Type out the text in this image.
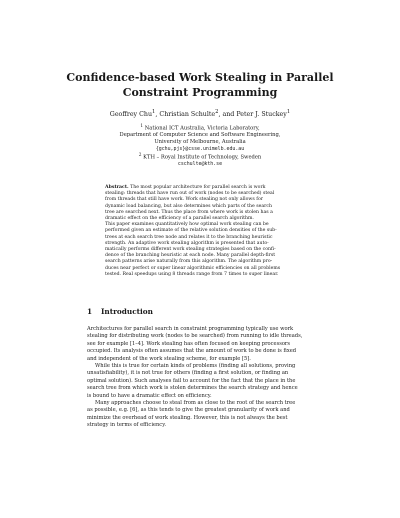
Confidence-based Work Stealing in Parallel
Constraint Programming
Geoffrey Chu$^1$, Christian Schulte$^2$, and Peter J. Stuckey$^1$
$^1$ National ICT Australia, Victoria Laboratory,
Department of Computer Science and Software Engineering,
University of Melbourne, Australia
{gchu,pjs}@csse.unimelb.edu.au
$^2$ KTH – Royal Institute of Technology, Sweden
cschulte@kth.se

Abstract. The most popular architecture for parallel search is work
stealing: threads that have run out of work (nodes to be searched) steal
from threads that still have work. Work stealing not only allows for
dynamic load balancing, but also determines which parts of the search
tree are searched next. Thus the place from where work is stolen has a
dramatic effect on the efficiency of a parallel search algorithm.

This paper examines quantitatively how optimal work stealing can be
performed given an estimate of the relative solution densities of the sub-
trees at each search tree node and relates it to the branching heuristic
strength. An adaptive work stealing algorithm is presented that auto-
matically performs different work stealing strategies based on the confi-
dence of the branching heuristic at each node. Many parallel depth-first
search patterns arise naturally from this algorithm. The algorithm pro-
duces near perfect or super linear algorithmic efficiencies on all problems
tested. Real speedups using 8 threads range from 7 times to super linear.

1 Introduction

Architectures for parallel search in constraint programming typically use work
stealing for distributing work (nodes to be searched) from running to idle threads,
see for example [1–4]. Work stealing has often focused on keeping processors
occupied. Its analysis often assumes that the amount of work to be done is fixed
and independent of the work stealing scheme, for example [5].

While this is true for certain kinds of problems (finding all solutions, proving
unsatisfiability), it is not true for others (finding a first solution, or finding an
optimal solution). Such analyses fail to account for the fact that the place in the
search tree from which work is stolen determines the search strategy and hence
is bound to have a dramatic effect on efficiency.

Many approaches choose to steal from as close to the root of the search tree
as possible, e.g. [6], as this tends to give the greatest granularity of work and
minimize the overhead of work stealing. However, this is not always the best
strategy in terms of efficiency.
